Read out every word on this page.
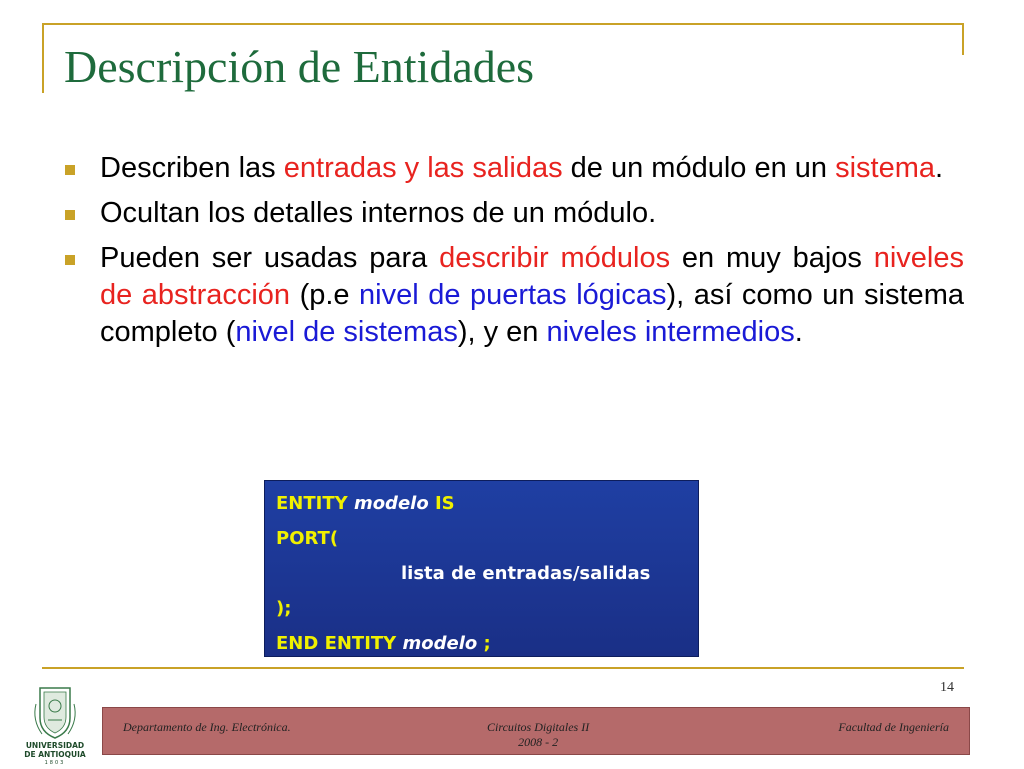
Descripción de Entidades
Describen las entradas y las salidas de un módulo en un sistema.
Ocultan los detalles internos de un módulo.
Pueden ser usadas para describir módulos en muy bajos niveles de abstracción (p.e nivel de puertas lógicas), así como un sistema completo (nivel de sistemas), y en niveles intermedios.
ENTITY modelo IS
PORT(
lista de entradas/salidas
);
END ENTITY modelo ;
14
UNIVERSIDAD
DE ANTIOQUIA
1803
Departamento de Ing. Electrónica.	Circuitos Digitales II
2008 - 2
Facultad de Ingeniería
